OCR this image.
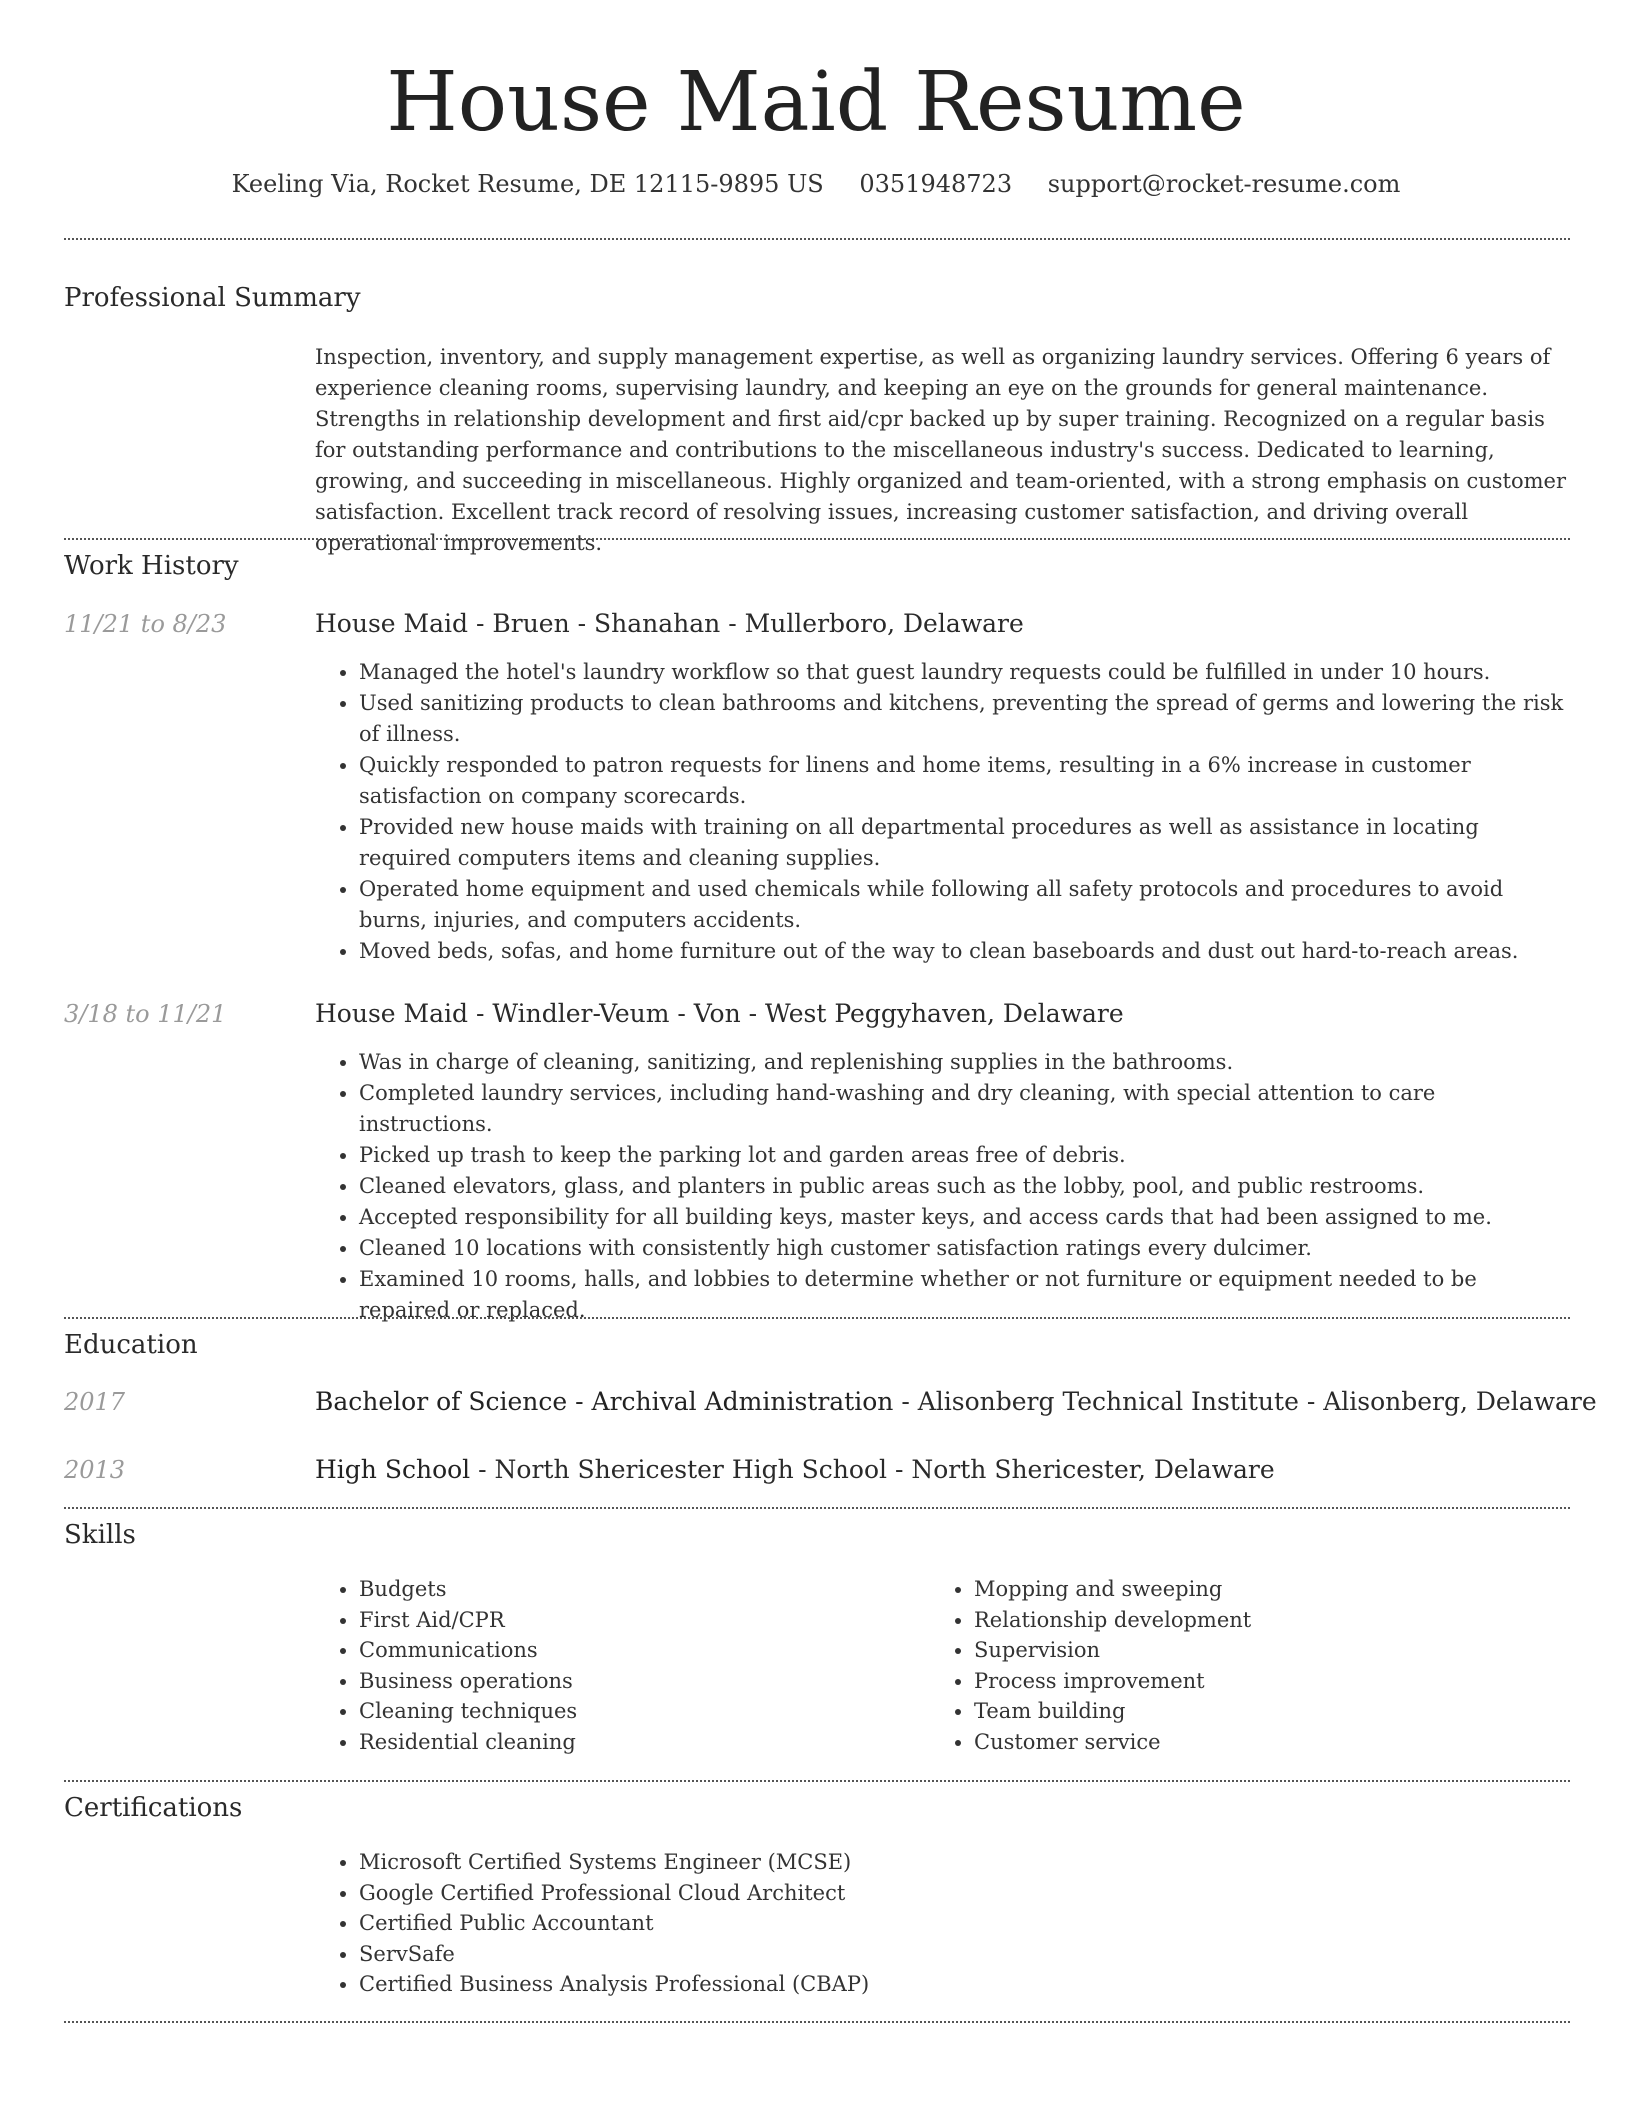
House Maid Resume
Keeling Via, Rocket Resume, DE 12115-9895 US 0351948723 support@rocket-resume.com
Professional Summary

Inspection, inventory, and supply management expertise, as well as organizing laundry services. Offering 6 years of experience cleaning rooms, supervising laundry, and keeping an eye on the grounds for general maintenance. Strengths in relationship development and first aid/cpr backed up by super training. Recognized on a regular basis for outstanding performance and contributions to the miscellaneous industry's success. Dedicated to learning, growing, and succeeding in miscellaneous. Highly organized and team-oriented, with a strong emphasis on customer satisfaction. Excellent track record of resolving issues, increasing customer satisfaction, and driving overall operational improvements.

Work History
11/21 to 8/23	House Maid - Bruen - Shanahan - Mullerboro, Delaware
• Managed the hotel's laundry workflow so that guest laundry requests could be fulfilled in under 10 hours.
• Used sanitizing products to clean bathrooms and kitchens, preventing the spread of germs and lowering the risk of illness.
• Quickly responded to patron requests for linens and home items, resulting in a 6% increase in customer satisfaction on company scorecards.
• Provided new house maids with training on all departmental procedures as well as assistance in locating required computers items and cleaning supplies.
• Operated home equipment and used chemicals while following all safety protocols and procedures to avoid burns, injuries, and computers accidents.
• Moved beds, sofas, and home furniture out of the way to clean baseboards and dust out hard-to-reach areas.
3/18 to 11/21	House Maid - Windler-Veum - Von - West Peggyhaven, Delaware
• Was in charge of cleaning, sanitizing, and replenishing supplies in the bathrooms.
• Completed laundry services, including hand-washing and dry cleaning, with special attention to care instructions.
• Picked up trash to keep the parking lot and garden areas free of debris.
• Cleaned elevators, glass, and planters in public areas such as the lobby, pool, and public restrooms.
• Accepted responsibility for all building keys, master keys, and access cards that had been assigned to me.
• Cleaned 10 locations with consistently high customer satisfaction ratings every dulcimer.
• Examined 10 rooms, halls, and lobbies to determine whether or not furniture or equipment needed to be repaired or replaced.
Education
2017	Bachelor of Science - Archival Administration - Alisonberg Technical Institute - Alisonberg, Delaware
2013	High School - North Shericester High School - North Shericester, Delaware
Skills
• Budgets
• First Aid/CPR
• Communications
• Business operations
• Cleaning techniques
• Residential cleaning
• Mopping and sweeping
• Relationship development
• Supervision
• Process improvement
• Team building
• Customer service
Certifications
• Microsoft Certified Systems Engineer (MCSE)
• Google Certified Professional Cloud Architect
• Certified Public Accountant
• ServSafe
• Certified Business Analysis Professional (CBAP)
